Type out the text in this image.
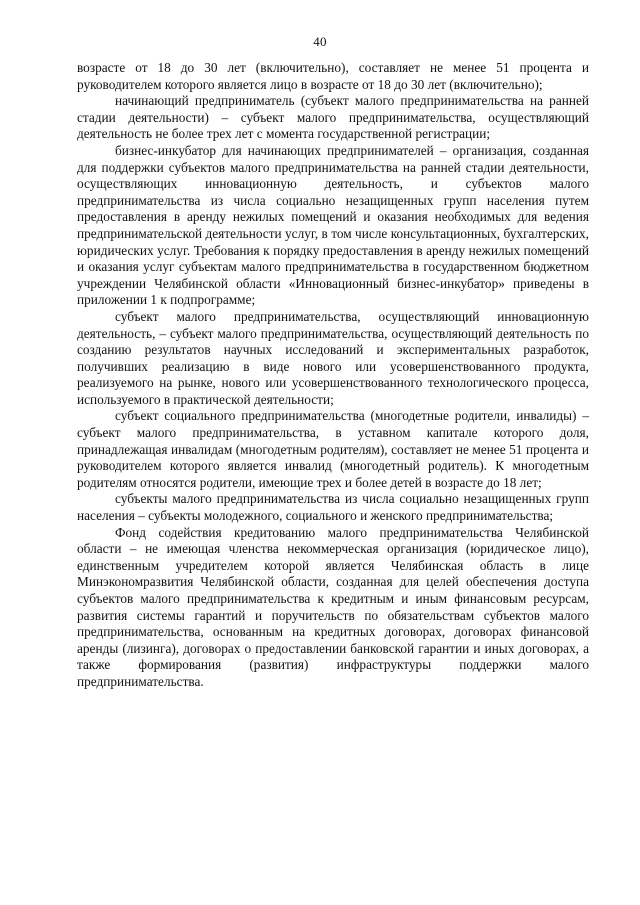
40

возрасте от 18 до 30 лет (включительно), составляет не менее 51 процента и руководителем которого является лицо в возрасте от 18 до 30 лет (включительно);

начинающий предприниматель (субъект малого предпринимательства на ранней стадии деятельности) – субъект малого предпринимательства, осуществляющий деятельность не более трех лет с момента государственной регистрации;

бизнес-инкубатор для начинающих предпринимателей – организация, созданная для поддержки субъектов малого предпринимательства на ранней стадии деятельности, осуществляющих инновационную деятельность, и субъектов малого предпринимательства из числа социально незащищенных групп населения путем предоставления в аренду нежилых помещений и оказания необходимых для ведения предпринимательской деятельности услуг, в том числе консультационных, бухгалтерских, юридических услуг. Требования к порядку предоставления в аренду нежилых помещений и оказания услуг субъектам малого предпринимательства в государственном бюджетном учреждении Челябинской области «Инновационный бизнес-инкубатор» приведены в приложении 1 к подпрограмме;

субъект малого предпринимательства, осуществляющий инновационную деятельность, – субъект малого предпринимательства, осуществляющий деятельность по созданию результатов научных исследований и экспериментальных разработок, получивших реализацию в виде нового или усовершенствованного продукта, реализуемого на рынке, нового или усовершенствованного технологического процесса, используемого в практической деятельности;

субъект социального предпринимательства (многодетные родители, инвалиды) – субъект малого предпринимательства, в уставном капитале которого доля, принадлежащая инвалидам (многодетным родителям), составляет не менее 51 процента и руководителем которого является инвалид (многодетный родитель). К многодетным родителям относятся родители, имеющие трех и более детей в возрасте до 18 лет;

субъекты малого предпринимательства из числа социально незащищенных групп населения – субъекты молодежного, социального и женского предпринимательства;

Фонд содействия кредитованию малого предпринимательства Челябинской области – не имеющая членства некоммерческая организация (юридическое лицо), единственным учредителем которой является Челябинская область в лице Минэкономразвития Челябинской области, созданная для целей обеспечения доступа субъектов малого предпринимательства к кредитным и иным финансовым ресурсам, развития системы гарантий и поручительств по обязательствам субъектов малого предпринимательства, основанным на кредитных договорах, договорах финансовой аренды (лизинга), договорах о предоставлении банковской гарантии и иных договорах, а также формирования (развития) инфраструктуры поддержки малого предпринимательства.
